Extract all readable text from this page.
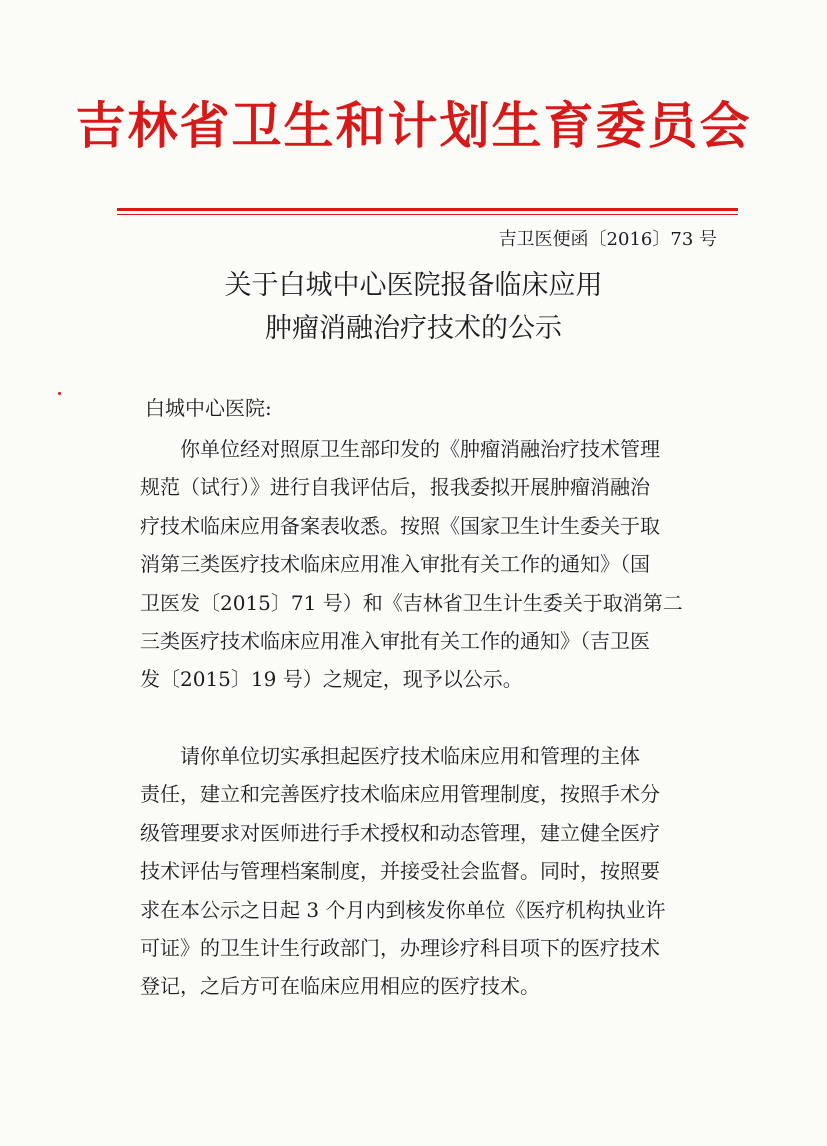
吉林省卫生和计划生育委员会
吉卫医便函〔2016〕73 号
关于白城中心医院报备临床应用
肿瘤消融治疗技术的公示
白城中心医院:
你单位经对照原卫生部印发的《肿瘤消融治疗技术管理
规范（试行）》进行自我评估后，报我委拟开展肿瘤消融治
疗技术临床应用备案表收悉。按照《国家卫生计生委关于取
消第三类医疗技术临床应用准入审批有关工作的通知》（国
卫医发〔2015〕71 号）和《吉林省卫生计生委关于取消第二
三类医疗技术临床应用准入审批有关工作的通知》（吉卫医
发〔2015〕19 号）之规定，现予以公示。
请你单位切实承担起医疗技术临床应用和管理的主体
责任，建立和完善医疗技术临床应用管理制度，按照手术分
级管理要求对医师进行手术授权和动态管理，建立健全医疗
技术评估与管理档案制度，并接受社会监督。同时，按照要
求在本公示之日起 3 个月内到核发你单位《医疗机构执业许
可证》的卫生计生行政部门，办理诊疗科目项下的医疗技术
登记，之后方可在临床应用相应的医疗技术。
